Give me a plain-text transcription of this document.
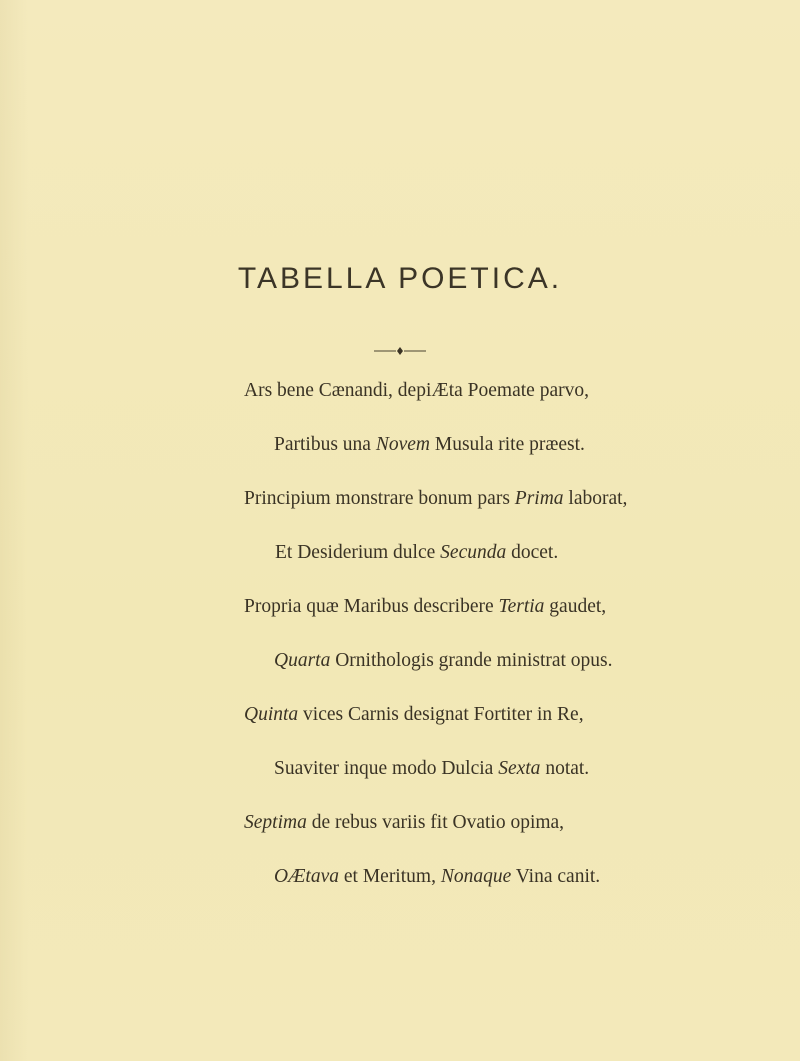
TABELLA POETICA.
Ars bene Cænandi, depiÆta Poemate parvo,
Partibus una Novem Musula rite præest.
Principium monstrare bonum pars Prima laborat,
Et Desiderium dulce Secunda docet.
Propria quæ Maribus describere Tertia gaudet,
Quarta Ornithologis grande ministrat opus.
Quinta vices Carnis designat Fortiter in Re,
Suaviter inque modo Dulcia Sexta notat.
Septima de rebus variis fit Ovatio opima,
OÆtava et Meritum, Nonaque Vina canit.
